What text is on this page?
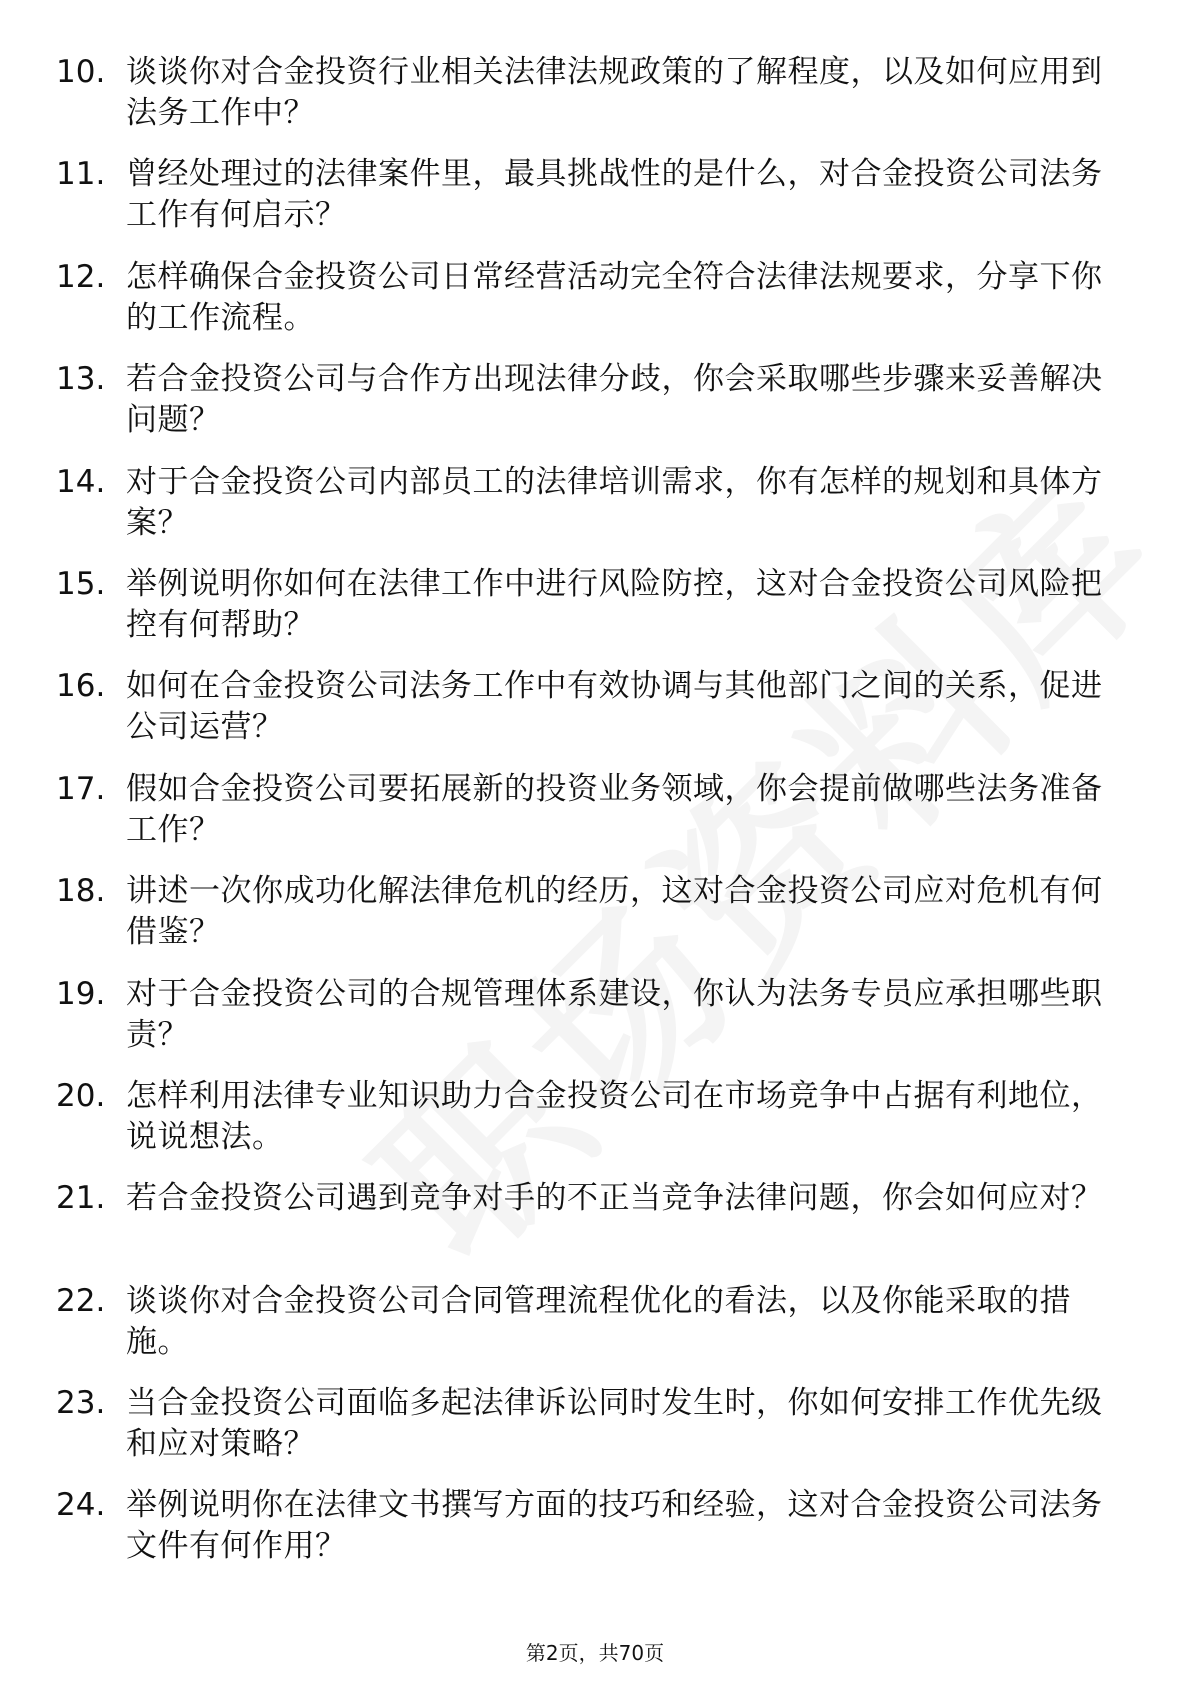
10. 谈谈你对合金投资行业相关法律法规政策的了解程度，以及如何应用到法务工作中？
11. 曾经处理过的法律案件里，最具挑战性的是什么，对合金投资公司法务工作有何启示？
12. 怎样确保合金投资公司日常经营活动完全符合法律法规要求，分享下你的工作流程。
13. 若合金投资公司与合作方出现法律分歧，你会采取哪些步骤来妥善解决问题？
14. 对于合金投资公司内部员工的法律培训需求，你有怎样的规划和具体方案？
15. 举例说明你如何在法律工作中进行风险防控，这对合金投资公司风险把控有何帮助？
16. 如何在合金投资公司法务工作中有效协调与其他部门之间的关系，促进公司运营？
17. 假如合金投资公司要拓展新的投资业务领域，你会提前做哪些法务准备工作？
18. 讲述一次你成功化解法律危机的经历，这对合金投资公司应对危机有何借鉴？
19. 对于合金投资公司的合规管理体系建设，你认为法务专员应承担哪些职责？
20. 怎样利用法律专业知识助力合金投资公司在市场竞争中占据有利地位，说说想法。
21. 若合金投资公司遇到竞争对手的不正当竞争法律问题，你会如何应对？
22. 谈谈你对合金投资公司合同管理流程优化的看法，以及你能采取的措施。
23. 当合金投资公司面临多起法律诉讼同时发生时，你如何安排工作优先级和应对策略？
24. 举例说明你在法律文书撰写方面的技巧和经验，这对合金投资公司法务文件有何作用？
第2页，共70页
